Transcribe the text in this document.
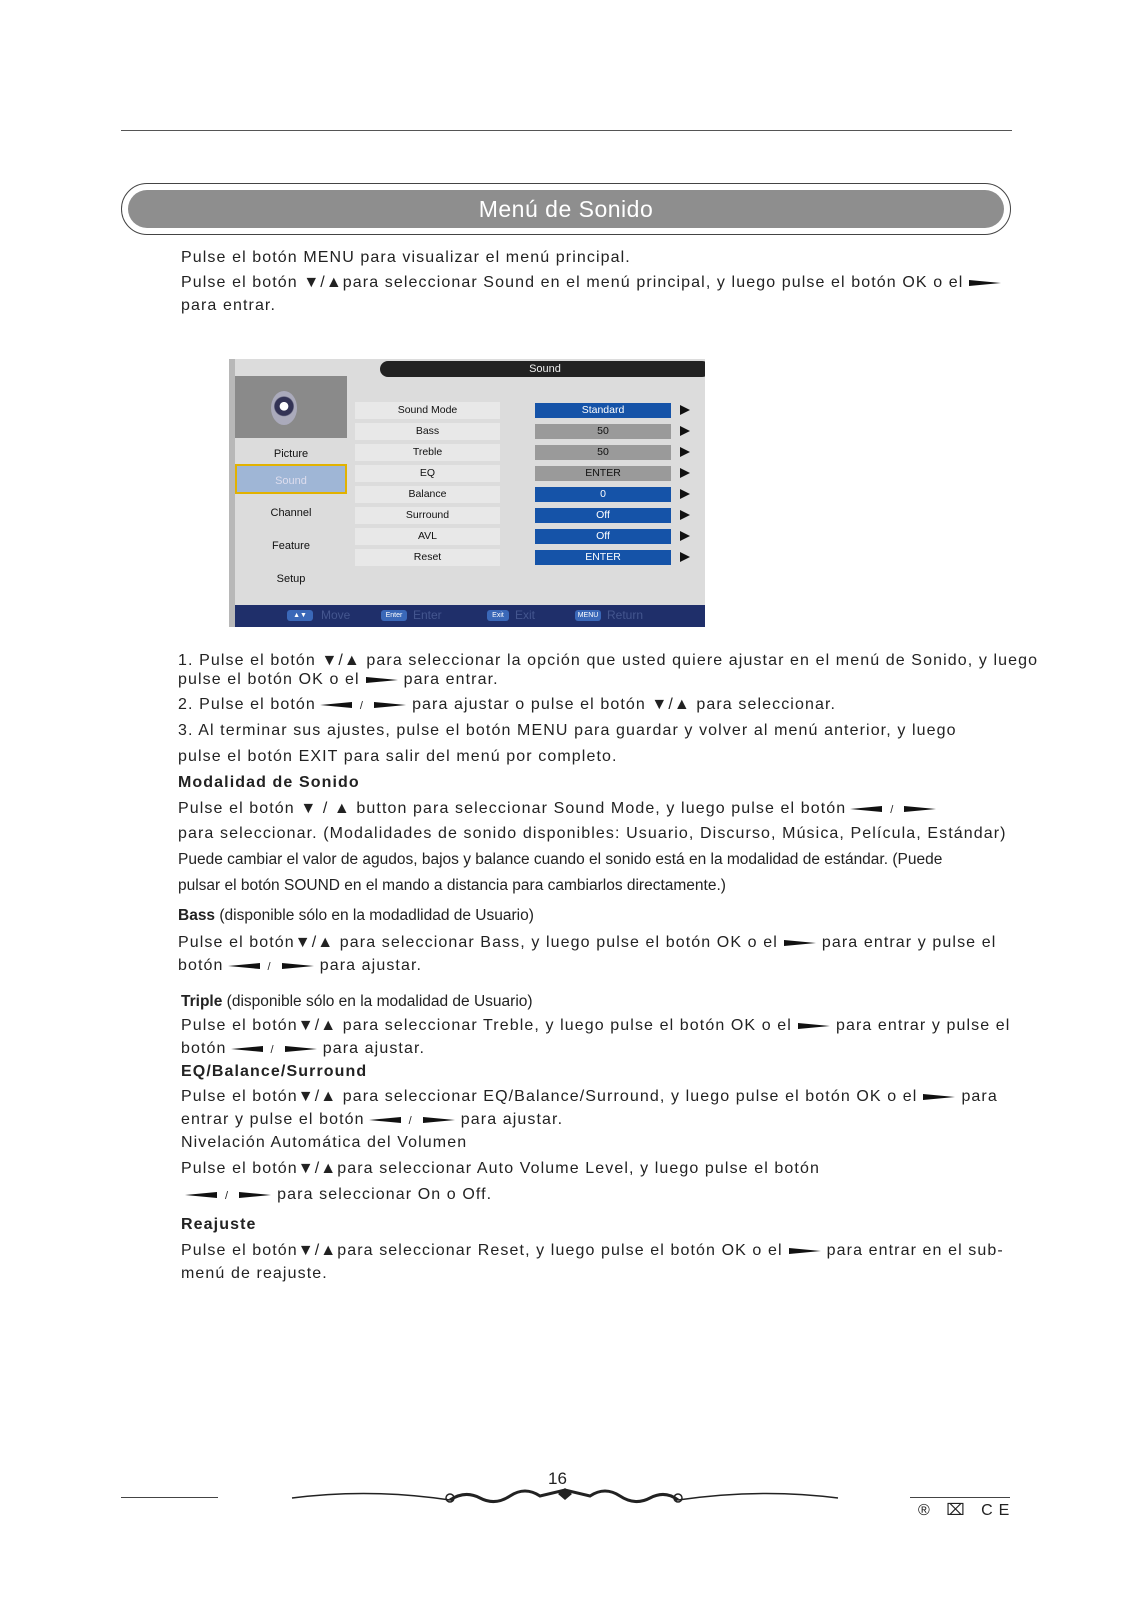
Menú de Sonido
Pulse el botón MENU para visualizar el menú principal.
Pulse el botón ▼/▲para seleccionar Sound en el menú principal, y luego pulse el botón OK o el
para entrar.
Sound
Picture
Sound
Channel
Feature
Setup
Sound Mode	Standard
Bass	50
Treble	50
EQ	ENTER
Balance	0
Surround	Off
AVL	Off
Reset	ENTER
▲▼	Move	Enter Enter	Exit Exit	MENU Return
1. Pulse el botón ▼/▲ para seleccionar la opción que usted quiere ajustar en el menú de Sonido, y luego
pulse el botón OK o el	para entrar.
2. Pulse el botón	/	para ajustar o pulse el botón ▼/▲ para seleccionar.
3. Al terminar sus ajustes, pulse el botón MENU para guardar y volver al menú anterior, y luego
pulse el botón EXIT para salir del menú por completo.
Modalidad de Sonido
Pulse el botón ▼ / ▲ button para seleccionar Sound Mode, y luego pulse el botón	/
para seleccionar. (Modalidades de sonido disponibles: Usuario, Discurso, Música, Película, Estándar)
Puede cambiar el valor de agudos, bajos y balance cuando el sonido está en la modalidad de estándar. (Puede
pulsar el botón SOUND en el mando a distancia para cambiarlos directamente.)
Bass (disponible sólo en la modadlidad de Usuario)
Pulse el botón▼/▲ para seleccionar Bass, y luego pulse el botón OK o el	para entrar y pulse el
botón	/	para ajustar.
Triple (disponible sólo en la modalidad de Usuario)
Pulse el botón▼/▲ para seleccionar Treble, y luego pulse el botón OK o el	para entrar y pulse el
botón	/	para ajustar.
EQ/Balance/Surround
Pulse el botón▼/▲ para seleccionar EQ/Balance/Surround, y luego pulse el botón OK o el	para
entrar y pulse el botón	/	para ajustar.
Nivelación Automática del Volumen
Pulse el botón▼/▲para seleccionar Auto Volume Level, y luego pulse el botón
/	para seleccionar On o Off.
Reajuste
Pulse el botón▼/▲para seleccionar Reset, y luego pulse el botón OK o el	para entrar en el sub-
menú de reajuste.
16
® ⌧ CE
